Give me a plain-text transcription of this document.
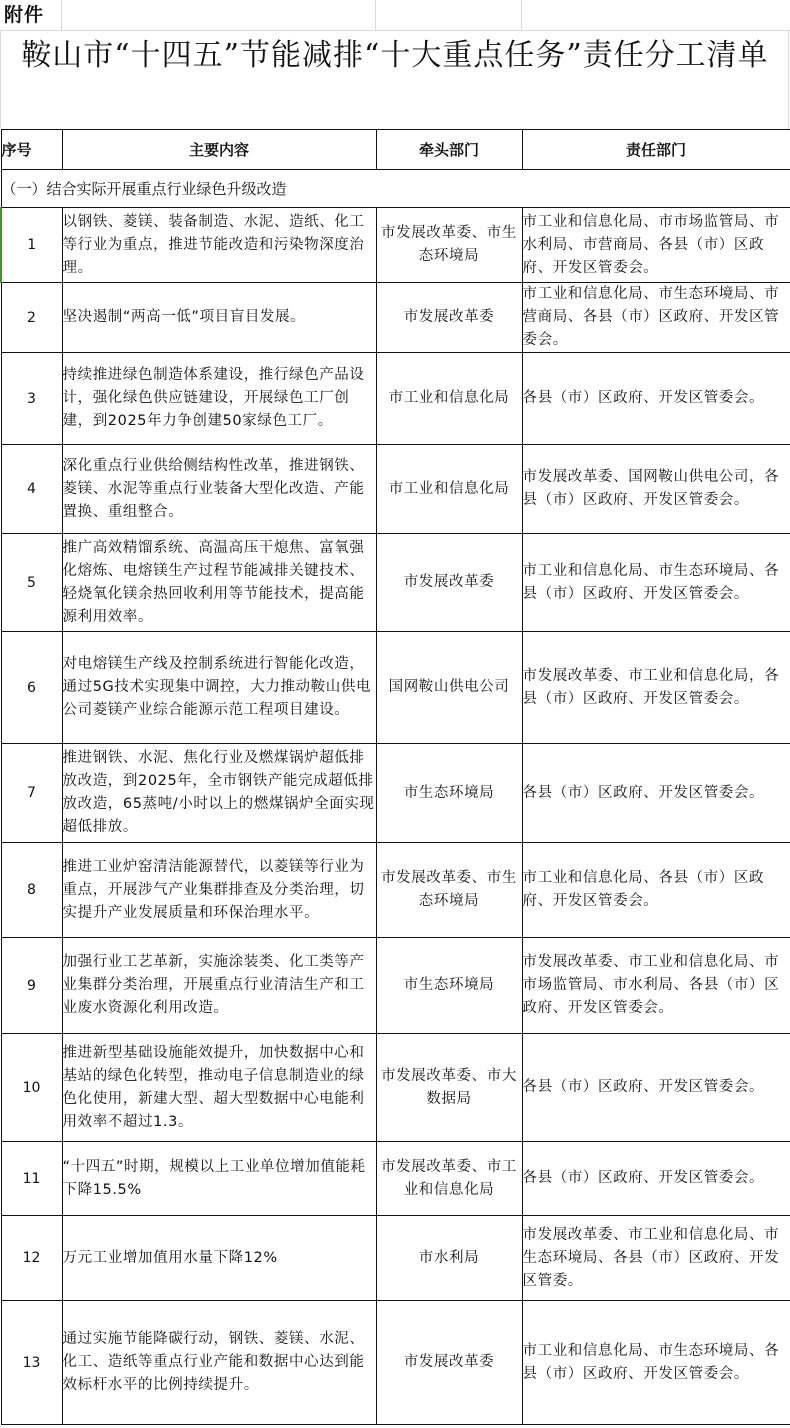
附件
鞍山市“十四五”节能减排“十大重点任务”责任分工清单
序号	主要内容	牵头部门	责任部门
（一）结合实际开展重点行业绿色升级改造			
1	以钢铁、菱镁、装备制造、水泥、造纸、化工等行业为重点，推进节能改造和污染物深度治理。	市发展改革委、市生态环境局	市工业和信息化局、市市场监管局、市水利局、市营商局、各县（市）区政府、开发区管委会。
2	坚决遏制“两高一低”项目盲目发展。	市发展改革委	市工业和信息化局、市生态环境局、市营商局、各县（市）区政府、开发区管委会。
3	持续推进绿色制造体系建设，推行绿色产品设计，强化绿色供应链建设，开展绿色工厂创建，到2025年力争创建50家绿色工厂。	市工业和信息化局	各县（市）区政府、开发区管委会。
4	深化重点行业供给侧结构性改革，推进钢铁、菱镁、水泥等重点行业装备大型化改造、产能置换、重组整合。	市工业和信息化局	市发展改革委、国网鞍山供电公司，各县（市）区政府、开发区管委会。
5	推广高效精馏系统、高温高压干熄焦、富氧强化熔炼、电熔镁生产过程节能减排关键技术、轻烧氧化镁余热回收利用等节能技术，提高能源利用效率。	市发展改革委	市工业和信息化局、市生态环境局、各县（市）区政府、开发区管委会。
6	对电熔镁生产线及控制系统进行智能化改造，通过5G技术实现集中调控，大力推动鞍山供电公司菱镁产业综合能源示范工程项目建设。	国网鞍山供电公司	市发展改革委、市工业和信息化局，各县（市）区政府、开发区管委会。
7	推进钢铁、水泥、焦化行业及燃煤锅炉超低排放改造，到2025年，全市钢铁产能完成超低排放改造，65蒸吨/小时以上的燃煤锅炉全面实现超低排放。	市生态环境局	各县（市）区政府、开发区管委会。
8	推进工业炉窑清洁能源替代，以菱镁等行业为重点，开展涉气产业集群排查及分类治理，切实提升产业发展质量和环保治理水平。	市发展改革委、市生态环境局	市工业和信息化局、各县（市）区政府、开发区管委会。
9	加强行业工艺革新，实施涂装类、化工类等产业集群分类治理，开展重点行业清洁生产和工业废水资源化利用改造。	市生态环境局	市发展改革委、市工业和信息化局、市市场监管局、市水利局、各县（市）区政府、开发区管委会。
10	推进新型基础设施能效提升，加快数据中心和基站的绿色化转型，推动电子信息制造业的绿色化使用，新建大型、超大型数据中心电能利用效率不超过1.3。	市发展改革委、市大数据局	各县（市）区政府、开发区管委会。
11	“十四五”时期，规模以上工业单位增加值能耗下降15.5%	市发展改革委、市工业和信息化局	各县（市）区政府、开发区管委会。
12	万元工业增加值用水量下降12%	市水利局	市发展改革委、市工业和信息化局、市生态环境局、各县（市）区政府、开发区管委。
13	通过实施节能降碳行动，钢铁、菱镁、水泥、化工、造纸等重点行业产能和数据中心达到能效标杆水平的比例持续提升。	市发展改革委	市工业和信息化局、市生态环境局、各县（市）区政府、开发区管委会。
